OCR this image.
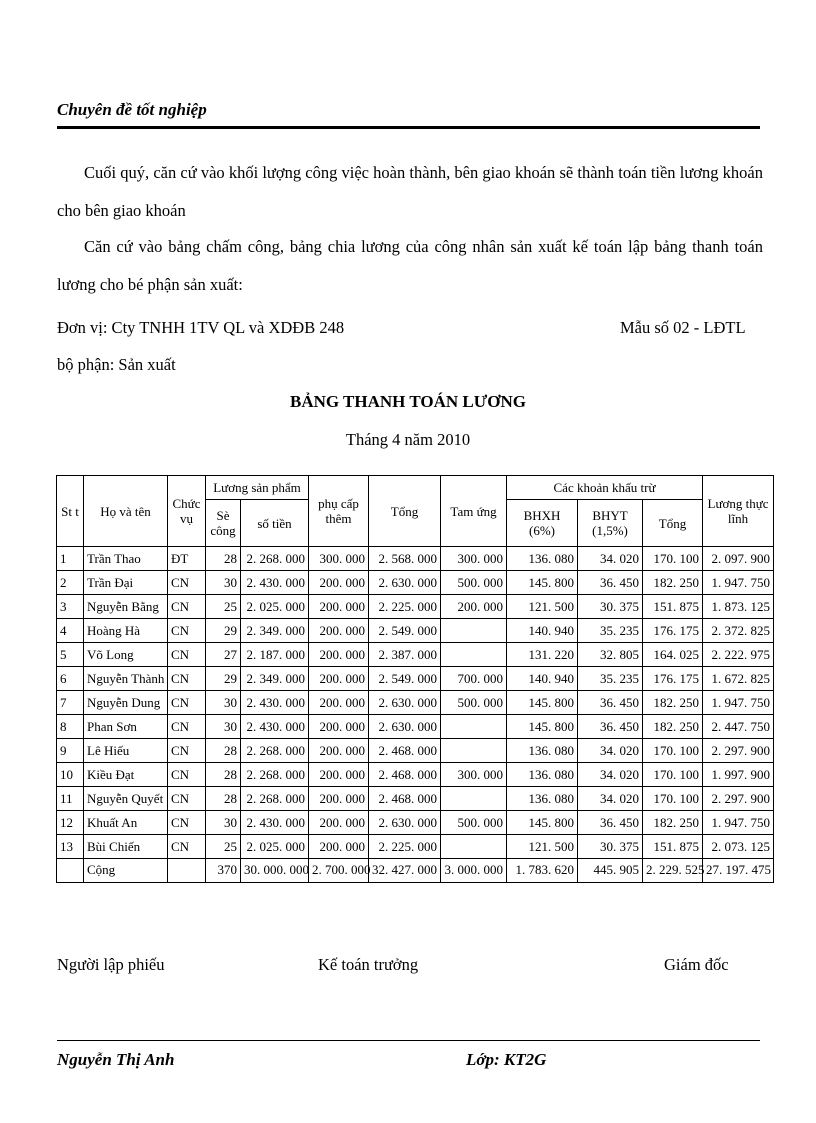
Chuyên đề tốt nghiệp
Cuối quý, căn cứ vào khối lượng công việc hoàn thành, bên giao khoán sẽ thành toán tiền lương khoán cho bên giao khoán
Căn cứ vào bảng chấm công, bảng chia lương của công nhân sản xuất kế toán lập bảng thanh toán lương cho bé phận sản xuất:
Đơn vị: Cty TNHH 1TV QL và XDĐB 248	Mẫu số 02 - LĐTL
bộ phận: Sản xuất
BẢNG THANH TOÁN LƯƠNG
Tháng 4 năm 2010
St t	Họ và tên	Chức vụ	Lương sản phẩm		phụ cấp thêm	Tổng	Tam ứng	Các khoản khấu trừ			Lương thực lĩnh
			Sè công	số tiền				BHXH (6%)	BHYT (1,5%)	Tổng	
1	Trần Thao	ĐT	28	2. 268. 000	300. 000	2. 568. 000	300. 000	136. 080	34. 020	170. 100	2. 097. 900
2	Trần Đại	CN	30	2. 430. 000	200. 000	2. 630. 000	500. 000	145. 800	36. 450	182. 250	1. 947. 750
3	Nguyễn Bằng	CN	25	2. 025. 000	200. 000	2. 225. 000	200. 000	121. 500	30. 375	151. 875	1. 873. 125
4	Hoàng Hà	CN	29	2. 349. 000	200. 000	2. 549. 000		140. 940	35. 235	176. 175	2. 372. 825
5	Võ Long	CN	27	2. 187. 000	200. 000	2. 387. 000		131. 220	32. 805	164. 025	2. 222. 975
6	Nguyễn Thành	CN	29	2. 349. 000	200. 000	2. 549. 000	700. 000	140. 940	35. 235	176. 175	1. 672. 825
7	Nguyễn Dung	CN	30	2. 430. 000	200. 000	2. 630. 000	500. 000	145. 800	36. 450	182. 250	1. 947. 750
8	Phan Sơn	CN	30	2. 430. 000	200. 000	2. 630. 000		145. 800	36. 450	182. 250	2. 447. 750
9	Lê Hiếu	CN	28	2. 268. 000	200. 000	2. 468. 000		136. 080	34. 020	170. 100	2. 297. 900
10	Kiều Đạt	CN	28	2. 268. 000	200. 000	2. 468. 000	300. 000	136. 080	34. 020	170. 100	1. 997. 900
11	Nguyễn Quyết	CN	28	2. 268. 000	200. 000	2. 468. 000		136. 080	34. 020	170. 100	2. 297. 900
12	Khuất An	CN	30	2. 430. 000	200. 000	2. 630. 000	500. 000	145. 800	36. 450	182. 250	1. 947. 750
13	Bùi Chiến	CN	25	2. 025. 000	200. 000	2. 225. 000		121. 500	30. 375	151. 875	2. 073. 125
	Cộng		370	30. 000. 000	2. 700. 000	32. 427. 000	3. 000. 000	1. 783. 620	445. 905	2. 229. 525	27. 197. 475
Người lập phiếu	Kế toán trưởng	Giám đốc
Nguyễn Thị Anh	Lớp: KT2G
